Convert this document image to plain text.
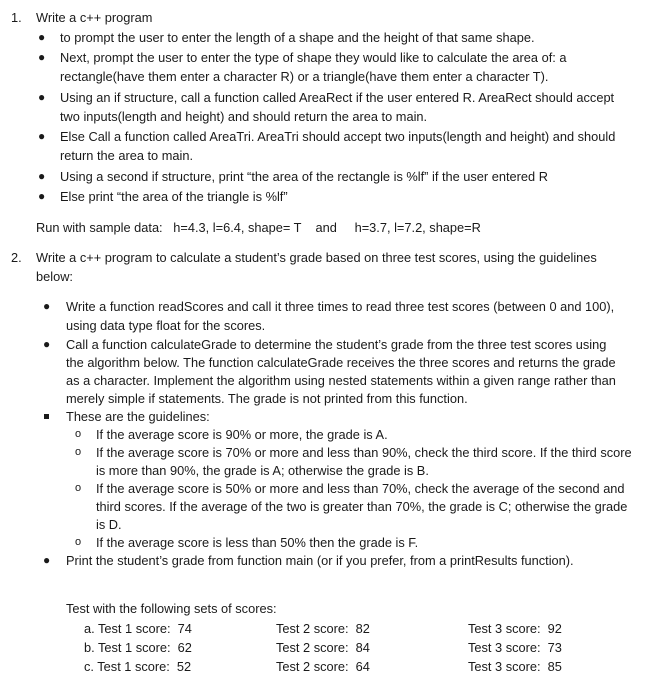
1. Write a c++ program
● to prompt the user to enter the length of a shape and the height of that same shape.
● Next, prompt the user to enter the type of shape they would like to calculate the area of: a
rectangle(have them enter a character R) or a triangle(have them enter a character T).
● Using an if structure, call a function called AreaRect if the user entered R. AreaRect should accept
two inputs(length and height) and should return the area to main.
● Else Call a function called AreaTri. AreaTri should accept two inputs(length and height) and should
return the area to main.
● Using a second if structure, print “the area of the rectangle is %lf” if the user entered R
● Else print “the area of the triangle is %lf”
Run with sample data:   h=4.3, l=6.4, shape= T    and     h=3.7, l=7.2, shape=R
2. Write a c++ program to calculate a student’s grade based on three test scores, using the guidelines
below:
● Write a function readScores and call it three times to read three test scores (between 0 and 100),
using data type float for the scores.
● Call a function calculateGrade to determine the student’s grade from the three test scores using
the algorithm below. The function calculateGrade receives the three scores and returns the grade
as a character. Implement the algorithm using nested statements within a given range rather than
merely simple if statements. The grade is not printed from this function.
These are the guidelines:
o If the average score is 90% or more, the grade is A.
o If the average score is 70% or more and less than 90%, check the third score. If the third score
is more than 90%, the grade is A; otherwise the grade is B.
o If the average score is 50% or more and less than 70%, check the average of the second and
third scores. If the average of the two is greater than 70%, the grade is C; otherwise the grade
is D.
o If the average score is less than 50% then the grade is F.
● Print the student’s grade from function main (or if you prefer, from a printResults function).
Test with the following sets of scores:
a. Test 1 score:  74	Test 2 score:  82	Test 3 score:  92
b. Test 1 score:  62	Test 2 score:  84	Test 3 score:  73
c. Test 1 score:  52	Test 2 score:  64	Test 3 score:  85
